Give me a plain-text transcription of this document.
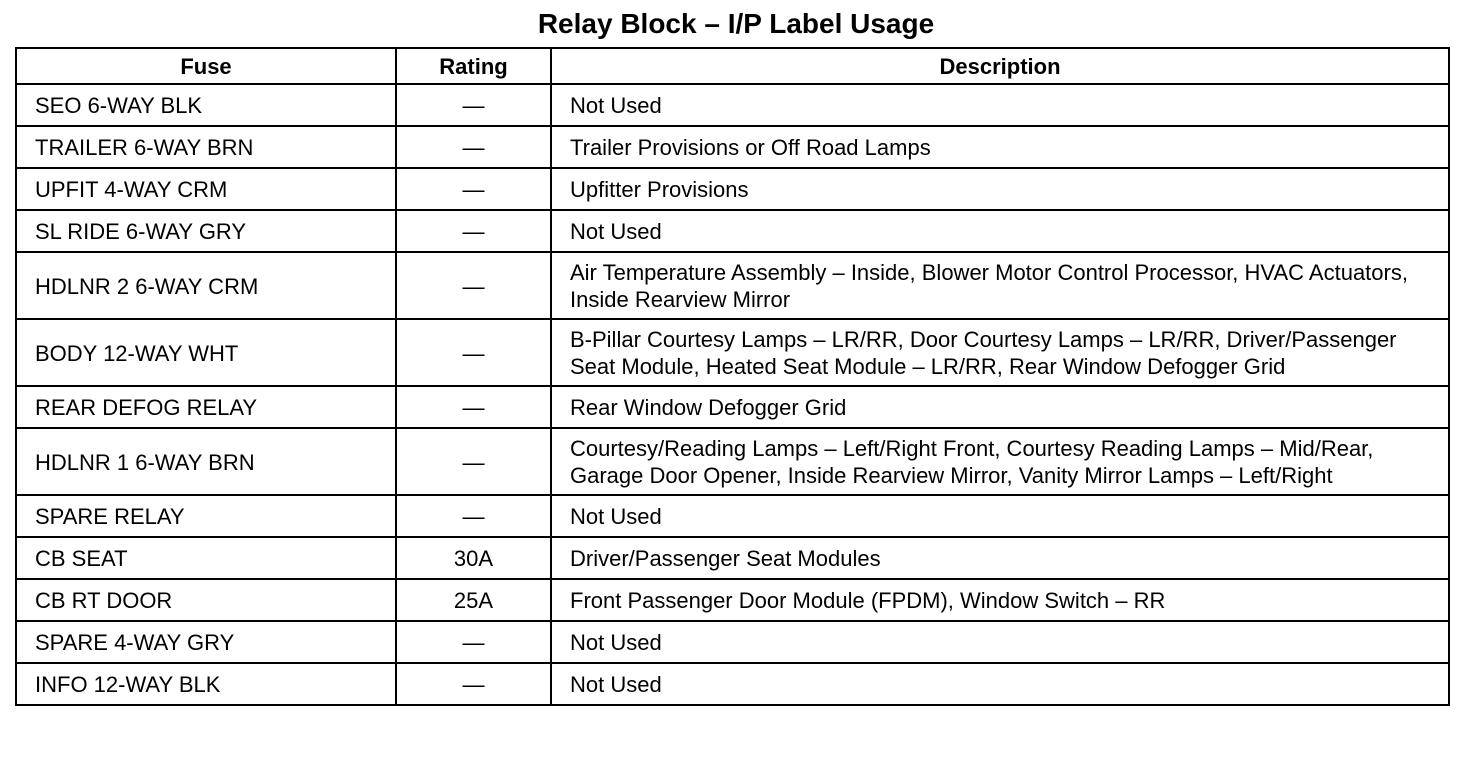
Relay Block – I/P Label Usage
Fuse	Rating	Description
SEO 6-WAY BLK	—	Not Used
TRAILER 6-WAY BRN	—	Trailer Provisions or Off Road Lamps
UPFIT 4-WAY CRM	—	Upfitter Provisions
SL RIDE 6-WAY GRY	—	Not Used
HDLNR 2 6-WAY CRM	—	Air Temperature Assembly – Inside, Blower Motor Control Processor, HVAC Actuators, Inside Rearview Mirror
BODY 12-WAY WHT	—	B-Pillar Courtesy Lamps – LR/RR, Door Courtesy Lamps – LR/RR, Driver/Passenger Seat Module, Heated Seat Module – LR/RR, Rear Window Defogger Grid
REAR DEFOG RELAY	—	Rear Window Defogger Grid
HDLNR 1 6-WAY BRN	—	Courtesy/Reading Lamps – Left/Right Front, Courtesy Reading Lamps – Mid/Rear, Garage Door Opener, Inside Rearview Mirror, Vanity Mirror Lamps – Left/Right
SPARE RELAY	—	Not Used
CB SEAT	30A	Driver/Passenger Seat Modules
CB RT DOOR	25A	Front Passenger Door Module (FPDM), Window Switch – RR
SPARE 4-WAY GRY	—	Not Used
INFO 12-WAY BLK	—	Not Used
